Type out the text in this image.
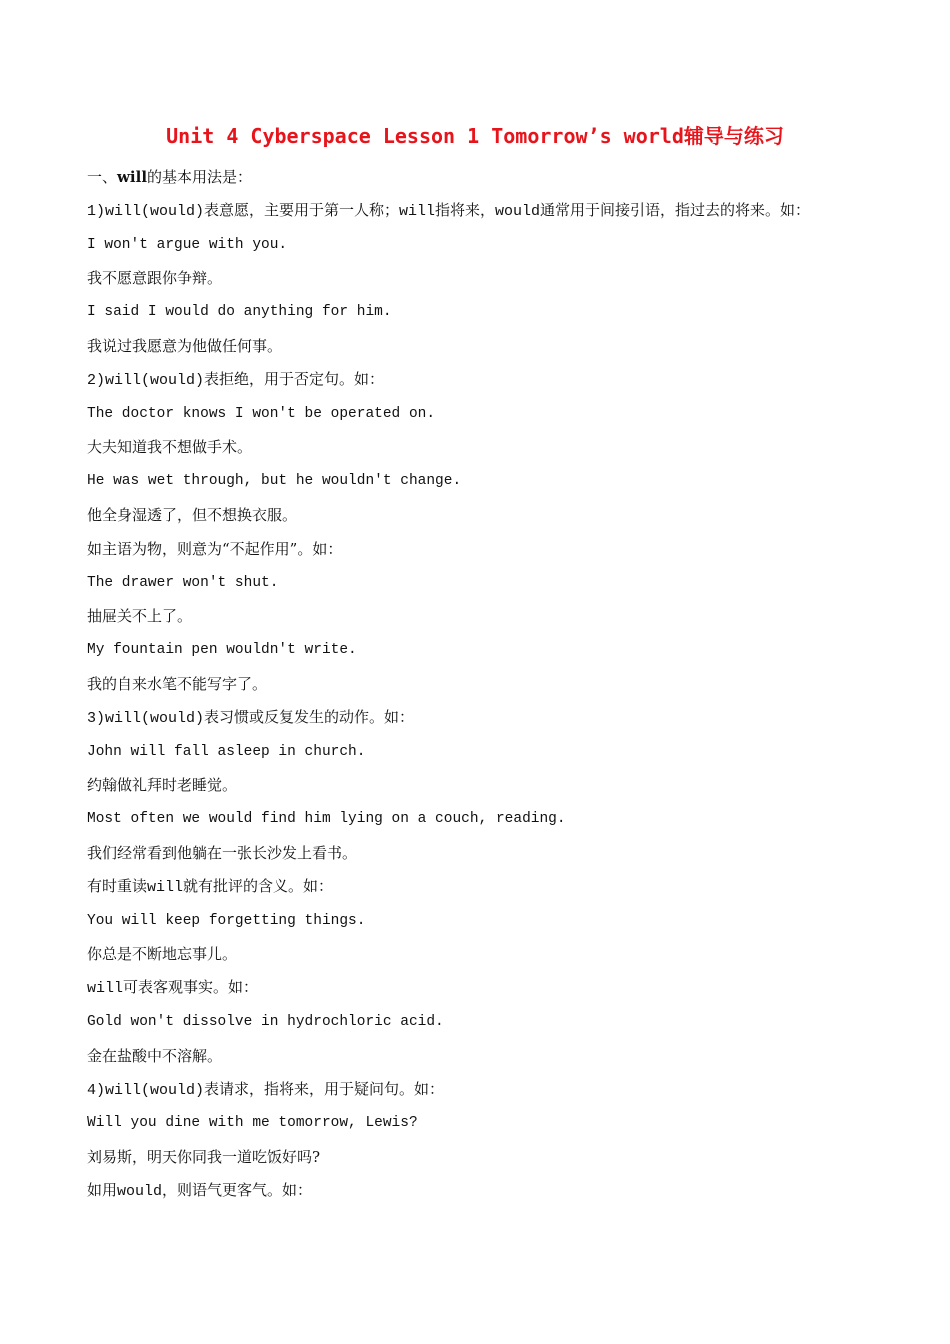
Unit 4 Cyberspace Lesson 1 Tomorrow’s world辅导与练习
一、will的基本用法是：
1)will(would)表意愿，主要用于第一人称；will指将来，would通常用于间接引语，指过去的将来。如：
I won't argue with you.
我不愿意跟你争辩。
I said I would do anything for him.
我说过我愿意为他做任何事。
2)will(would)表拒绝，用于否定句。如：
The doctor knows I won't be operated on.
大夫知道我不想做手术。
He was wet through, but he wouldn't change.
他全身湿透了，但不想换衣服。
如主语为物，则意为“不起作用”。如：
The drawer won't shut.
抽屉关不上了。
My fountain pen wouldn't write.
我的自来水笔不能写字了。
3)will(would)表习惯或反复发生的动作。如：
John will fall asleep in church.
约翰做礼拜时老睡觉。
Most often we would find him lying on a couch, reading.
我们经常看到他躺在一张长沙发上看书。
有时重读will就有批评的含义。如：
You will keep forgetting things.
你总是不断地忘事儿。
will可表客观事实。如：
Gold won't dissolve in hydrochloric acid.
金在盐酸中不溶解。
4)will(would)表请求，指将来，用于疑问句。如：
Will you dine with me tomorrow, Lewis?
刘易斯，明天你同我一道吃饭好吗?
如用would，则语气更客气。如：
